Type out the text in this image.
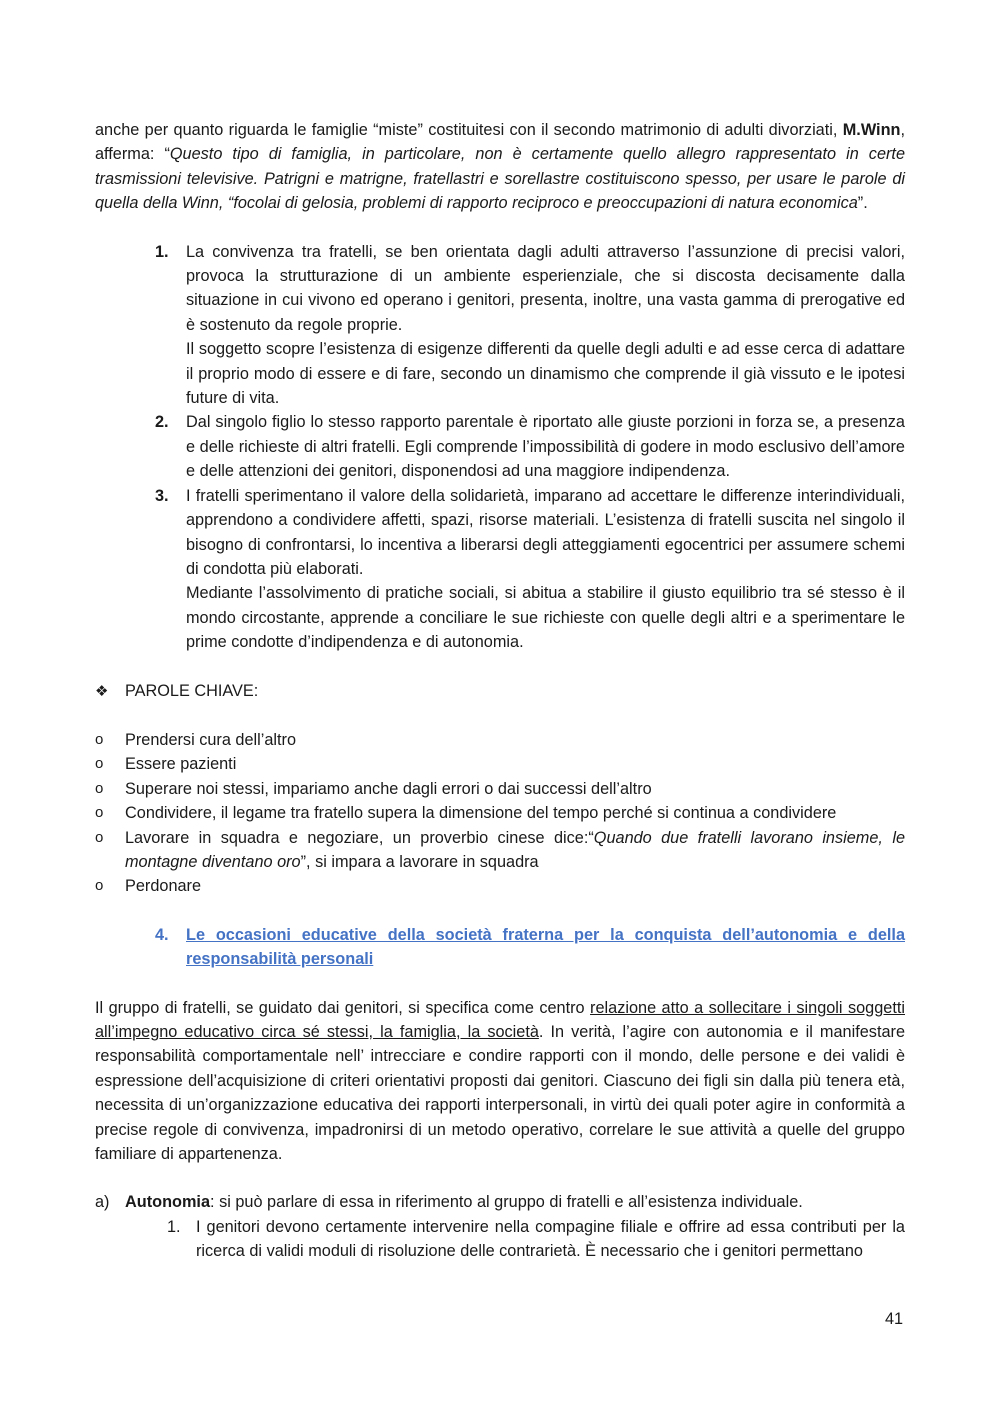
anche per quanto riguarda le famiglie “miste” costituitesi con il secondo matrimonio di adulti divorziati, M.Winn, afferma: “Questo tipo di famiglia, in particolare, non è certamente quello allegro rappresentato in certe trasmissioni televisive. Patrigni e matrigne, fratellastri e sorellastre costituiscono spesso, per usare le parole di quella della Winn, “focolai di gelosia, problemi di rapporto reciproco e preoccupazioni di natura economica”.

1. La convivenza tra fratelli, se ben orientata dagli adulti attraverso l’assunzione di precisi valori, provoca la strutturazione di un ambiente esperienziale, che si discosta decisamente dalla situazione in cui vivono ed operano i genitori, presenta, inoltre, una vasta gamma di prerogative ed è sostenuto da regole proprie.
Il soggetto scopre l’esistenza di esigenze differenti da quelle degli adulti e ad esse cerca di adattare il proprio modo di essere e di fare, secondo un dinamismo che comprende il già vissuto e le ipotesi future di vita.
2. Dal singolo figlio lo stesso rapporto parentale è riportato alle giuste porzioni in forza se, a presenza e delle richieste di altri fratelli. Egli comprende l’impossibilità di godere in modo esclusivo dell’amore e delle attenzioni dei genitori, disponendosi ad una maggiore indipendenza.
3. I fratelli sperimentano il valore della solidarietà, imparano ad accettare le differenze interindividuali, apprendono a condividere affetti, spazi, risorse materiali. L’esistenza di fratelli suscita nel singolo il bisogno di confrontarsi, lo incentiva a liberarsi degli atteggiamenti egocentrici per assumere schemi di condotta più elaborati.
Mediante l’assolvimento di pratiche sociali, si abitua a stabilire il giusto equilibrio tra sé stesso è il mondo circostante, apprende a conciliare le sue richieste con quelle degli altri e a sperimentare le prime condotte d’indipendenza e di autonomia.
❖	PAROLE CHIAVE:
o Prendersi cura dell’altro
o Essere pazienti
o Superare noi stessi, impariamo anche dagli errori o dai successi dell’altro
o Condividere, il legame tra fratello supera la dimensione del tempo perché si continua a condividere
o Lavorare in squadra e negoziare, un proverbio cinese dice:“Quando due fratelli lavorano insieme, le montagne diventano oro”, si impara a lavorare in squadra
o Perdonare
4.	Le occasioni educative della società fraterna per la conquista dell’autonomia e della responsabilità personali

Il gruppo di fratelli, se guidato dai genitori, si specifica come centro relazione atto a sollecitare i singoli soggetti all’impegno educativo circa sé stessi, la famiglia, la società. In verità, l’agire con autonomia e il manifestare responsabilità comportamentale nell’ intrecciare e condire rapporti con il mondo, delle persone e dei validi è espressione dell’acquisizione di criteri orientativi proposti dai genitori. Ciascuno dei figli sin dalla più tenera età, necessita di un’organizzazione educativa dei rapporti interpersonali, in virtù dei quali poter agire in conformità a precise regole di convivenza, impadronirsi di un metodo operativo, correlare le sue attività a quelle del gruppo familiare di appartenenza.

a) Autonomia: si può parlare di essa in riferimento al gruppo di fratelli e all’esistenza individuale.
1. I genitori devono certamente intervenire nella compagine filiale e offrire ad essa contributi per la ricerca di validi moduli di risoluzione delle contrarietà. È necessario che i genitori permettano
41
